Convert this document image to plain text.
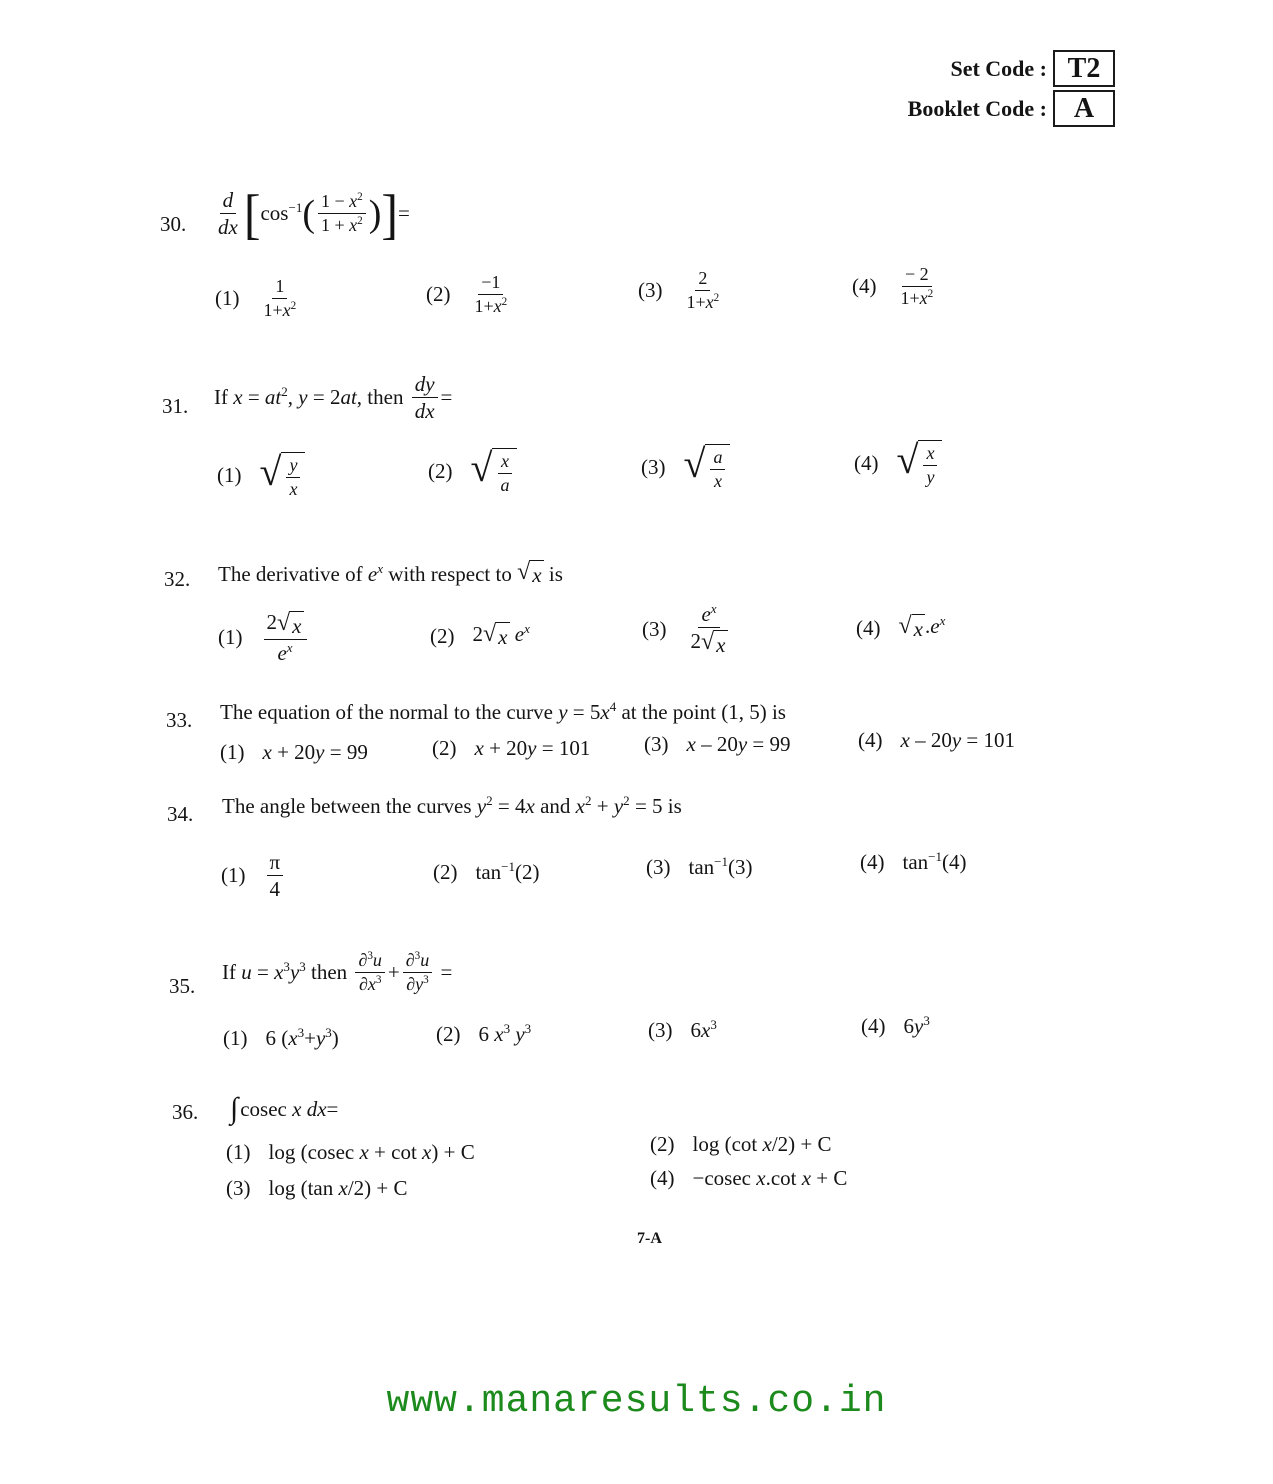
Set Code : T2
Booklet Code : A
30. $\frac{d}{dx}$ [ $\cos^{-1}$ ( $\frac{1 - x^2}{1 + x^2}$ ) ] =
$(1) \frac{1}{1+x^2}$	$(2) \frac{-1}{1+x^2}$	$(3) \frac{2}{1+x^2}$	$(4) \frac{- 2}{1+x^2}$
31. If $x = at^2$, y = 2at, then $\frac{dy}{dx}$ =
(1) √ $\frac{y}{x}$	(2) √ $\frac{x}{a}$	(3) √ $\frac{a}{x}$	(4) √ $\frac{x}{y}$
32. The derivative of $e^x$ with respect to √ x is
$(1) \frac{2 √ x}{e^x}$	(2) 2 √ x $e^x$	$(3) \frac{e^x}{2 √ x}$	(4) √ x $.e^x$
33. The equation of the normal to the curve $y = 5x^4$ at the point (1, 5) is
(1) x + 20y = 99	(2) x + 20y = 101	(3) x – 20y = 99	(4) x – 20y = 101
34. The angle between the curves $y^2 = 4x$ and $x^2 + y^2 = 5$ is
$(1) \frac{\pi}{4}$	(2) $\tan^{-1}(2)$	(3) $\tan^{-1}(3)$	(4) $\tan^{-1}(4)$
35.
If $u = x^3y^3$ then $\frac{\partial^3u}{\partial x^3} + \frac{\partial^3u}{\partial y^3}$ =
(1) 6 $(x^3+y^3)$	(2) 6 $x^3$ $y^3$	(3) $6x^3$	(4) $6y^3$
36. ∫ cosec x dx=
(1) log (cosec x + cot x) + C
(3) log (tan x/2) + C
(2) log (cot x/2) + C
(4) −cosec x.cot x + C
7-A
www.manaresults.co.in
